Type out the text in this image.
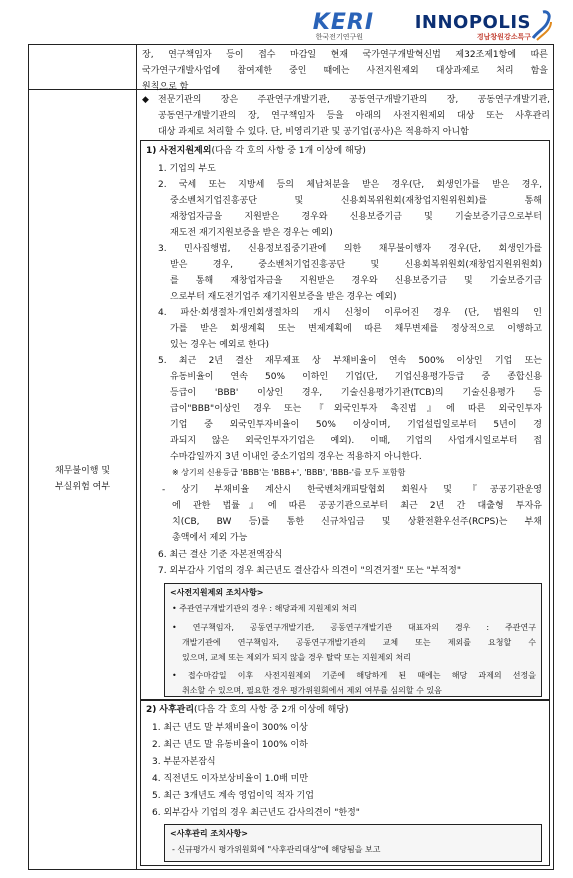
KERI
한국전기연구원
INNOPOLIS
경남창원강소특구
채무불이행 및
부실위험 여부
장, 연구책임자 등이 접수 마감일 현재 국가연구개발혁신법 제32조제1항에 따른
국가연구개발사업에 참여제한 중인 때에는 사전지원제외 대상과제로 처리 함을
원칙으로 함
◆ 전문기관의 장은 주관연구개발기관, 공동연구개발기관의 장, 공동연구개발기관,
공동연구개발기관의 장, 연구책임자 등을 아래의 사전지원제외 대상 또는 사후관리
대상 과제로 처리할 수 있다. 단, 비영리기관 및 공기업(공사)은 적용하지 아니함
1) 사전지원제외(다음 각 호의 사항 중 1개 이상에 해당)
1. 기업의 부도
2. 국세 또는 지방세 등의 체납처분을 받은 경우(단, 회생인가를 받은 경우,
중소벤처기업진흥공단 및 신용회복위원회(재창업지원위원회)를 통해
재창업자금을 지원받은 경우와 신용보증기금 및 기술보증기금으로부터
재도전 재기지원보증을 받은 경우는 예외)
3. 민사집행법, 신용정보집중기관에 의한 채무불이행자 경우(단, 회생인가를
받은 경우, 중소벤처기업진흥공단 및 신용회복위원회(재창업지원위원회)
를 통해 재창업자금을 지원받은 경우와 신용보증기금 및 기술보증기금
으로부터 재도전기업주 재기지원보증을 받은 경우는 예외)
4. 파산·회생절차·개인회생절차의 개시 신청이 이루어진 경우 (단, 법원의 인
가를 받은 회생계획 또는 변제계획에 따른 채무변제를 정상적으로 이행하고
있는 경우는 예외로 한다)
5. 최근 2년 결산 재무제표 상 부채비율이 연속 500% 이상인 기업 또는
유동비율이 연속 50% 이하인 기업(단, 기업신용평가등급 중 종합신용
등급이 'BBB' 이상인 경우, 기술신용평가기관(TCB)의 기술신용평가 등
급이"BBB"이상인 경우 또는 『외국인투자 촉진법』에 따른 외국인투자
기업 중 외국인투자비율이 50% 이상이며, 기업설립일로부터 5년이 경
과되지 않은 외국인투자기업은 예외). 이때, 기업의 사업개시일로부터 접
수마감일까지 3년 이내인 중소기업의 경우는 적용하지 아니한다.
※ 상기의 신용등급 'BBB'는 'BBB+', 'BBB', 'BBB-'를 모두 포함함
- 상기 부채비율 계산시 한국벤처캐피탈협회 회원사 및 『공공기관운영
에 관한 법률』에 따른 공공기관으로부터 최근 2년 간 대출형 투자유
치(CB, BW 등)를 통한 신규차입금 및 상환전환우선주(RCPS)는 부채
총액에서 제외 가능
6. 최근 결산 기준 자본전액잠식
7. 외부감사 기업의 경우 최근년도 결산감사 의견이 "의견거절" 또는 "부적정"
<사전지원제외 조치사항>
• 주관연구개발기관의 경우 : 해당과제 지원제외 처리
• 연구책임자, 공동연구개발기관, 공동연구개발기관 대표자의 경우 : 주관연구
개발기관에 연구책임자, 공동연구개발기관의 교체 또는 제외를 요청할 수
있으며, 교체 또는 제외가 되지 않을 경우 탈락 또는 지원제외 처리
• 접수마감일 이후 사전지원제외 기준에 해당하게 된 때에는 해당 과제의 선정을
취소할 수 있으며, 필요한 경우 평가위원회에서 제외 여부를 심의할 수 있음
2) 사후관리(다음 각 호의 사항 중 2개 이상에 해당)
1. 최근 년도 말 부채비율이 300% 이상
2. 최근 년도 말 유동비율이 100% 이하
3. 부분자본잠식
4. 직전년도 이자보상비율이 1.0배 미만
5. 최근 3개년도 계속 영업이익 적자 기업
6. 외부감사 기업의 경우 최근년도 감사의견이 "한정"
<사후관리 조치사항>
- 신규평가시 평가위원회에 "사후관리대상"에 해당됨을 보고
